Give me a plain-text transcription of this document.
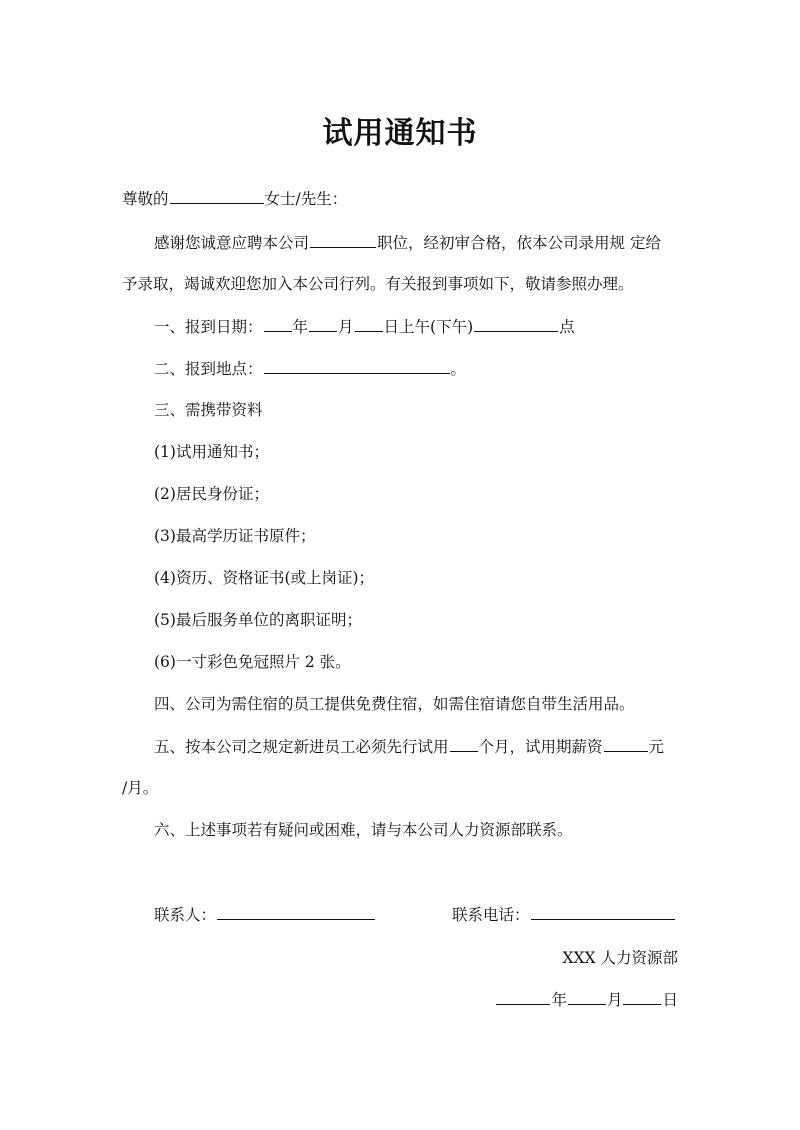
试用通知书
尊敬的	女士/先生：
感谢您诚意应聘本公司	职位，经初审合格，依本公司录用规 定给
予录取，竭诚欢迎您加入本公司行列。有关报到事项如下，敬请参照办理。
一、报到日期： 年 月 日上午(下午)	点
二、报到地点：	。
三、需携带资料
(1)试用通知书；
(2)居民身份证；
(3)最高学历证书原件；
(4)资历、资格证书(或上岗证)；
(5)最后服务单位的离职证明；
(6)一寸彩色免冠照片 2 张。
四、公司为需住宿的员工提供免费住宿，如需住宿请您自带生活用品。
五、按本公司之规定新进员工必须先行试用 个月，试用期薪资	元
/月。
六、上述事项若有疑问或困难，请与本公司人力资源部联系。
联系人：	联系电话：
XXX 人力资源部
年	月	日
